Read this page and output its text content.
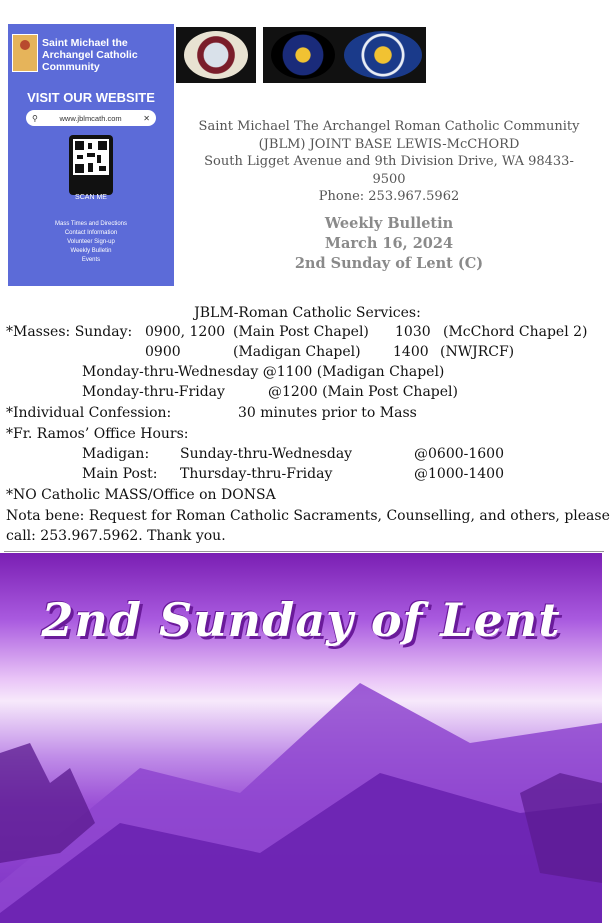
Saint Michael the Archangel Catholic Community
VISIT OUR WEBSITE
⚲	www.jblmcath.com	✕
SCAN ME
Mass Times and Directions
Contact Information
Volunteer Sign-up
Weekly Bulletin
Events
Saint Michael The Archangel Roman Catholic Community
(JBLM) JOINT BASE LEWIS-McCHORD
South Ligget Avenue and 9th Division Drive, WA 98433-9500
Phone: 253.967.5962
Weekly Bulletin
March 16, 2024
2nd Sunday of Lent (C)
JBLM-Roman Catholic Services:
*Masses: Sunday: 0900, 1200 (Main Post Chapel) 1030 (McChord Chapel 2)
0900	(Madigan Chapel) 1400 (NWJRCF)
Monday-thru-Wednesday @1100 (Madigan Chapel)
Monday-thru-Friday	@1200 (Main Post Chapel)
*Individual Confession:	30 minutes prior to Mass
*Fr. Ramos’ Office Hours:
Madigan: Sunday-thru-Wednesday	@0600-1600
Main Post: Thursday-thru-Friday	@1000-1400
*NO Catholic MASS/Office on DONSA
Nota bene: Request for Roman Catholic Sacraments, Counselling, and others, please
call: 253.967.5962. Thank you.
2nd Sunday of Lent
